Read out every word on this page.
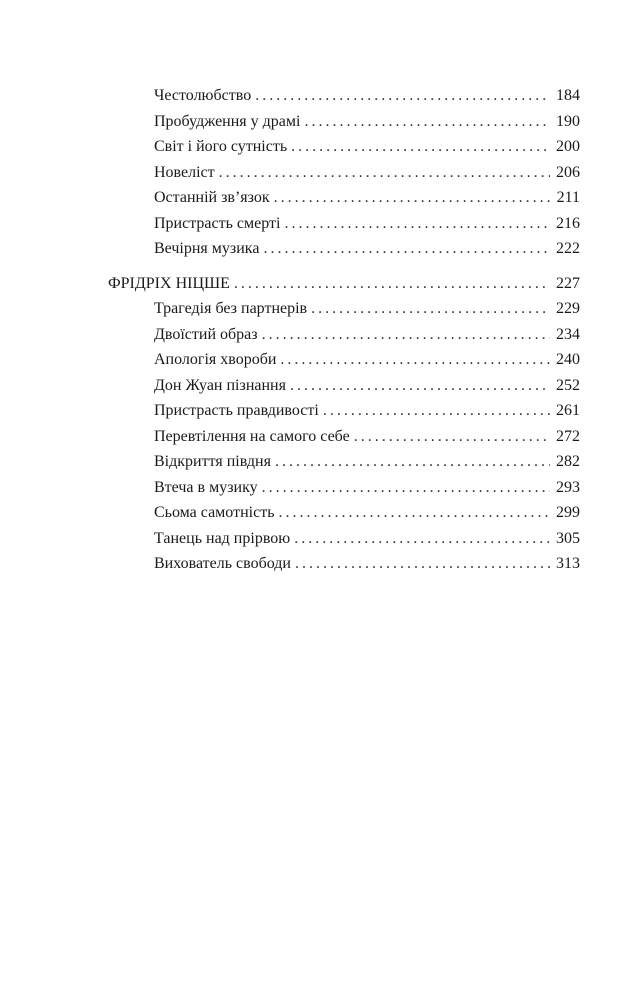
Честолюбство . . .	184
Пробудження у драмі . . .	190
Світ і його сутність . . .	200
Новеліст . . .	206
Останній зв’язок . . .	211
Пристрасть смерті . . .	216
Вечірня музика . . .	222
ФРІДРІХ НІЦШЕ . . .	227
Трагедія без партнерів . . .	229
Двоїстий образ . . .	234
Апологія хвороби . . .	240
Дон Жуан пізнання . . .	252
Пристрасть правдивості . . .	261
Перевтілення на самого себе . . .	272
Відкриття півдня . . .	282
Втеча в музику . . .	293
Сьома самотність . . .	299
Танець над прірвою . . .	305
Вихователь свободи . . .	313
